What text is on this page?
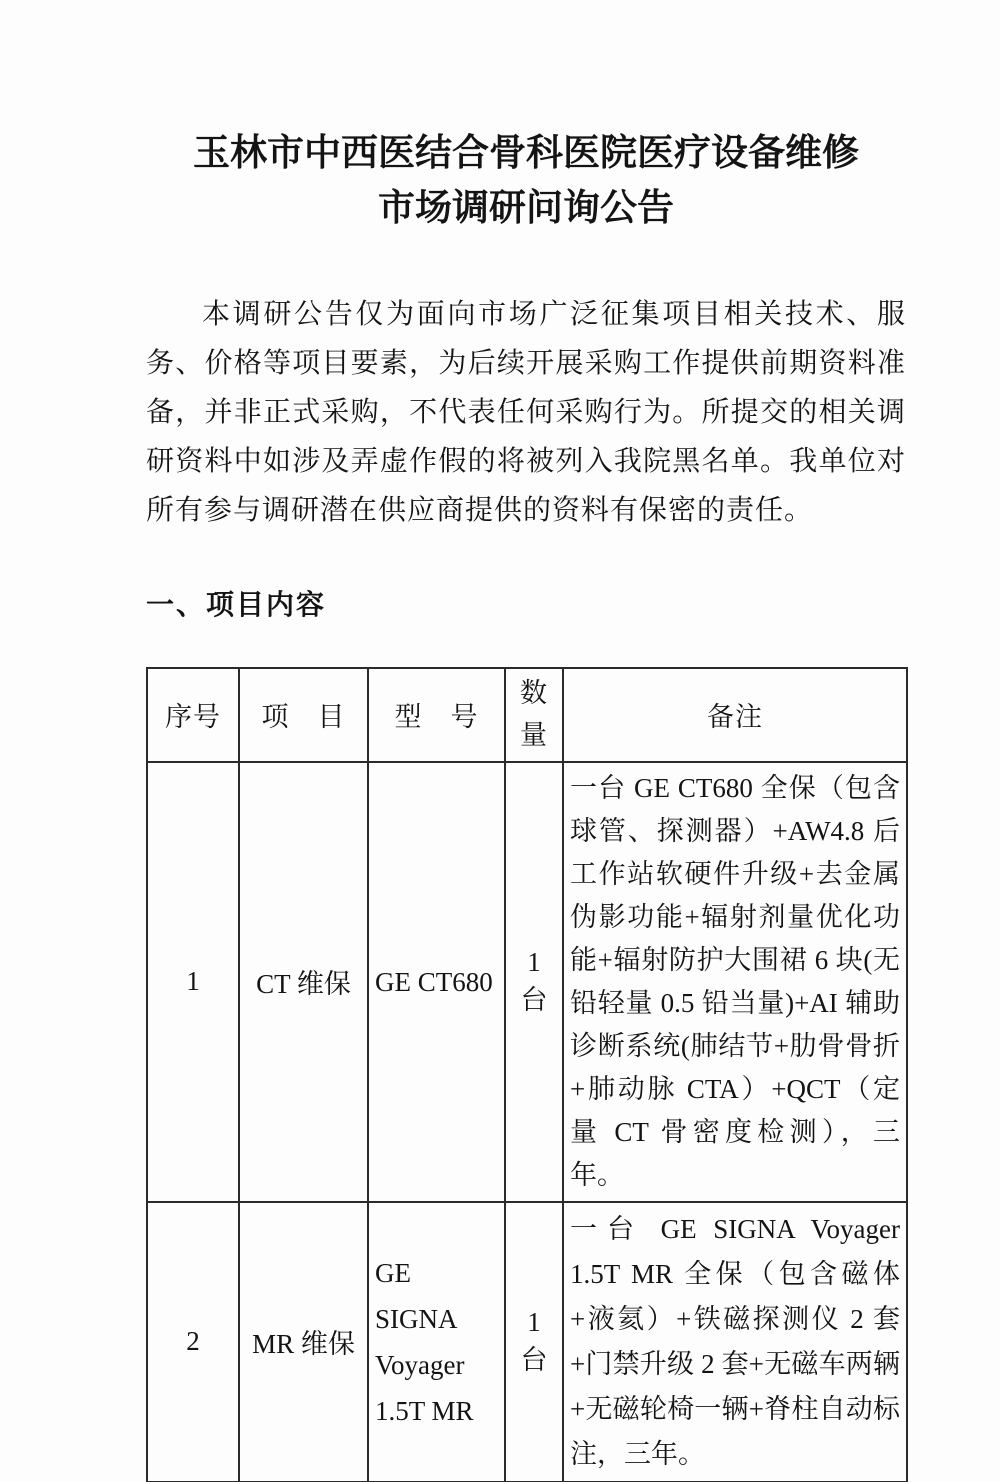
玉林市中西医结合骨科医院医疗设备维修
市场调研问询公告

本调研公告仅为面向市场广泛征集项目相关技术、服务、价格等项目要素，为后续开展采购工作提供前期资料准备，并非正式采购，不代表任何采购行为。所提交的相关调研资料中如涉及弄虚作假的将被列入我院黑名单。我单位对所有参与调研潜在供应商提供的资料有保密的责任。

一、项目内容
序号	项　目	型　号	数量	备注
1	CT 维保	GE CT680	1 台	一台 GE CT680 全保（包含球管、探测器）+AW4.8 后工作站软硬件升级+去金属伪影功能+辐射剂量优化功能+辐射防护大围裙 6 块(无铅轻量 0.5 铅当量)+AI 辅助诊断系统(肺结节+肋骨骨折+肺动脉 CTA）+QCT（定量 CT 骨密度检测），三年。
2	MR 维保	GE SIGNA Voyager 1.5T MR	1 台	一台 GE SIGNA Voyager 1.5T MR 全保（包含磁体+液氦）+铁磁探测仪 2 套+门禁升级 2 套+无磁车两辆+无磁轮椅一辆+脊柱自动标注，三年。
